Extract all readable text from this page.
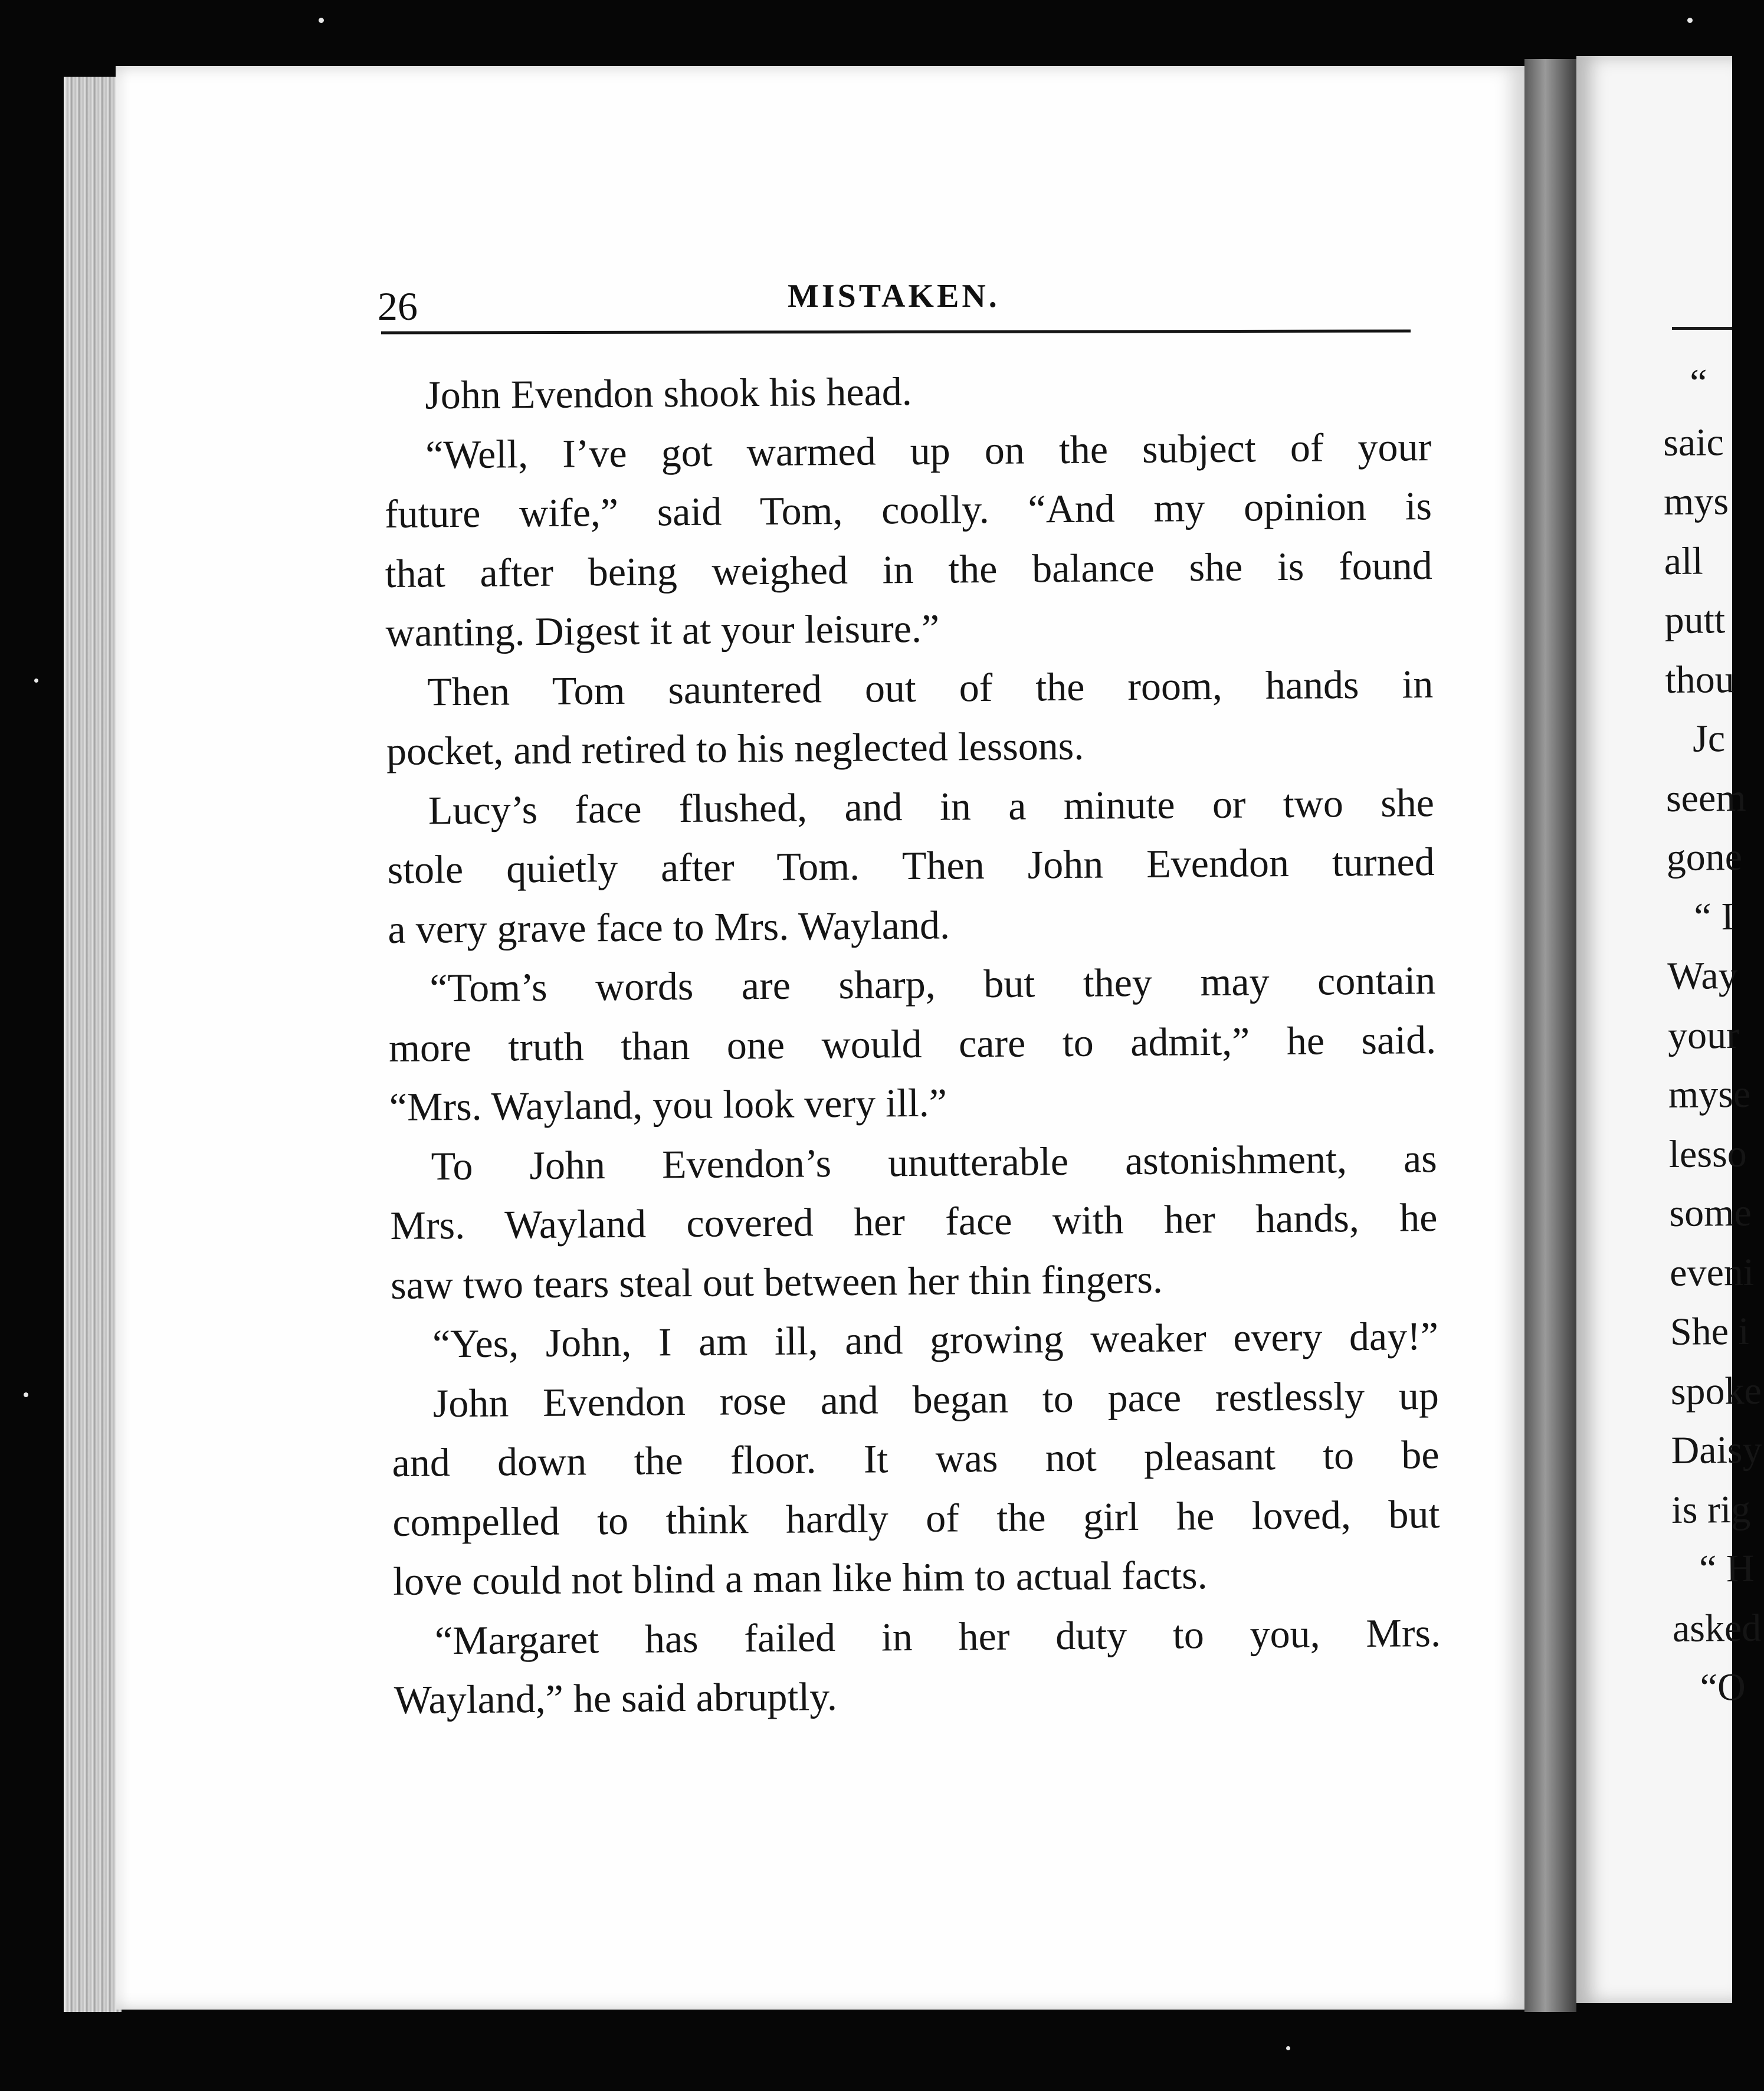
26	MISTAKEN.
John Evendon shook his head.
“Well, I’ve got warmed up on the subject of your
future wife,” said Tom, coolly. “And my opinion is
that after being weighed in the balance she is found
wanting. Digest it at your leisure.”
Then Tom sauntered out of the room, hands in
pocket, and retired to his neglected lessons.
Lucy’s face flushed, and in a minute or two she
stole quietly after Tom. Then John Evendon turned
a very grave face to Mrs. Wayland.
“Tom’s words are sharp, but they may contain
more truth than one would care to admit,” he said.
“Mrs. Wayland, you look very ill.”
To John Evendon’s unutterable astonishment, as
Mrs. Wayland covered her face with her hands, he
saw two tears steal out between her thin fingers.
“Yes, John, I am ill, and growing weaker every day!”
John Evendon rose and began to pace restlessly up
and down the floor. It was not pleasant to be
compelled to think hardly of the girl he loved, but
love could not blind a man like him to actual facts.
“Margaret has failed in her duty to you, Mrs.
Wayland,” he said abruptly.
“
saic
mys
all
putt
thou
Jc
seem
gone
“ I
Way
your
myse
lesso
some
eveni
She i
spoke
Daisy
is rig
“ H
asked
“O
